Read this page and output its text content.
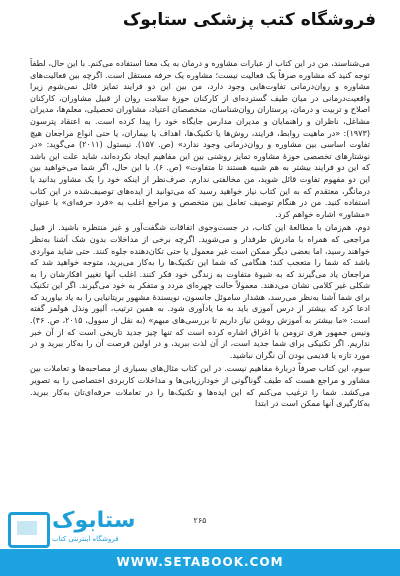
فروشگاه کتب پزشکی ستابوک

می‌شناسند، من در این کتاب از عبارات مشاوره و درمان به یک معنا استفاده می‌کنم. با این حال، لطفاً توجه کنید که مشاوره صرفاً یک فعالیت نیست؛ مشاوره یک حرفه مستقل است. اگرچه بین فعالیت‌های مشاوره و روان‌درمانی تفاوت‌هایی وجود دارد، من بین این دو فرایند تمایز قائل نمی‌شوم زیرا واقعیت‌درمانی در میان طیف گسترده‌ای از کارکنان حوزهٔ سلامت روان از قبیل مشاوران، کارکنان اصلاح و تربیت و درمان، پرستاران روان‌شناسان، متخصصان اعتیاد، مشاوران تحصیلی، معلم‌ها، مدیران مشاغل، ناظران و راهنمایان و مدیران مدارس جایگاه خود را پیدا کرده است. به اعتقاد پترسون (۱۹۷۳): «در ماهیت روابط، فرایند، روش‌ها یا تکنیک‌ها، اهداف یا بیماران، یا حتی انواع مراجعان هیچ تفاوت اساسی بین مشاوره و روان‌درمانی وجود ندارد» (ص. ۱۵۷). نیستول (۲۰۱۱) می‌گوید: «در نوشتارهای تخصصی حوزهٔ مشاوره تمایز روشنی بین این مفاهیم ایجاد نکرده‌اند، شاید علت این باشد که این دو فرایند بیشتر به هم شبیه هستند تا متفاوت» (ص. ۶). با این حال، اگر شما می‌خواهید بین این دو مفهوم تفاوت قائل شوید، من مخالفتی ندارم. صرف‌نظر از اینکه خود را یک مشاور بدانید یا درمانگر، معتقدم که به این کتاب نیاز خواهید رسید که می‌توانید از ایده‌های توصیف‌شده در این کتاب استفاده کنید. من در هنگام توصیف تعامل بین متخصص و مراجع اغلب به «فرد حرفه‌ای» با عنوان «مشاور» اشاره خواهم کرد.

دوم، هم‌زمان با مطالعهٔ این کتاب، در جست‌وجوی اتفاقات شگفت‌آور و غیر منتظره باشید. از قبیل مراجعی که همراه با مادرش طرفدار و می‌شوید. اگرچه برخی از مداخلات بدون شک آشنا به‌نظر خواهند رسید، اما بعضی دیگر ممکن است غیر معمول یا حتی تکان‌دهنده جلوه کنند. حتی شاید مواردی باشد که شما را متعجب کند؛ هنگامی که شما این تکنیک‌ها را به‌کار می‌برید، متوجه خواهید شد که مراجعان یاد می‌گیرند که به شیوهٔ متفاوت به زندگی خود فکر کنند. اغلب آنها تغییر افکارشان را به شکلی غیر کلامی نشان می‌دهند. معمولاً حالت چهره‌ای مردد و متفکر به خود می‌گیرند. اگر این تکنیک برای شما آشنا به‌نظر می‌رسد، هشدار ساموئل جانسون، نویسندهٔ مشهور بریتانیایی را به یاد بیاورید که ادعا کرد که بیشتر از درس آموزی باید به ما یادآوری شود. به همین ترتیب، آلیور ونذل هولمز گفته است: «ما بیشتر به آموزش روشن نیاز داریم تا بررسی‌های مبهم» (به نقل از سوول، ۲۰۱۵، ص. ۴۶). ونیس جمهور هری ترومن با اغراق اشاره کرده است که تنها چیز جدید تاریخی است که از آن خبر نداریم. اگر تکنیکی برای شما جدید است، از آن لذت ببرید، و در اولین فرصت آن را به‌کار ببرید و در مورد تازه یا قدیمی بودن آن نگران نباشید.

سوم، این کتاب صرفاً دربارهٔ مفاهیم نیست. در این کتاب مثال‌های بسیاری از مصاحبه‌ها و تعاملات بین مشاور و مراجع هست که طیف گوناگونی از خودارزیابی‌ها و مداخلات کاربردی اختصاصی را به تصویر می‌کشد. شما را ترغیب می‌کنم که این ایده‌ها و تکنیک‌ها را در تعاملات حرفه‌ای‌تان به‌کار ببرید. به‌کارگیری آنها ممکن است در ابتدا

ستابوک
فروشگاه اینترنتی کتاب
۲۶۵
WWW.SETABOOK.COM
